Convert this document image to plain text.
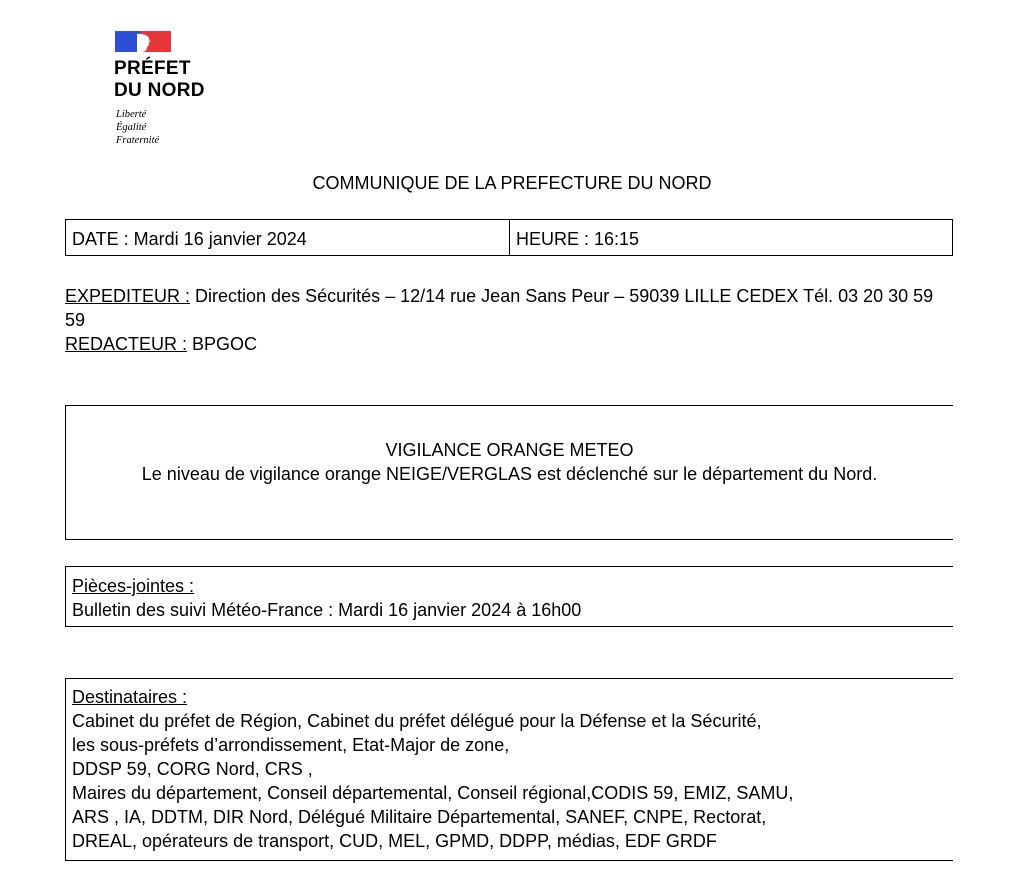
PRÉFET
DU NORD
Liberté
Égalité
Fraternité
COMMUNIQUE DE LA PREFECTURE DU NORD
DATE : Mardi 16 janvier 2024	HEURE : 16:15
EXPEDITEUR : Direction des Sécurités – 12/14 rue Jean Sans Peur – 59039 LILLE CEDEX Tél. 03 20 30 59 59
REDACTEUR : BPGOC
VIGILANCE ORANGE METEO
Le niveau de vigilance orange NEIGE/VERGLAS est déclenché sur le département du Nord.
Pièces-jointes :
Bulletin des suivi Météo-France : Mardi 16 janvier 2024 à 16h00
Destinataires :
Cabinet du préfet de Région, Cabinet du préfet délégué pour la Défense et la Sécurité,
les sous-préfets d’arrondissement, Etat-Major de zone,
DDSP 59, CORG Nord, CRS ,
Maires du département, Conseil départemental, Conseil régional,CODIS 59, EMIZ, SAMU,
ARS , IA, DDTM, DIR Nord, Délégué Militaire Départemental, SANEF, CNPE, Rectorat,
DREAL, opérateurs de transport, CUD, MEL, GPMD, DDPP, médias, EDF GRDF
